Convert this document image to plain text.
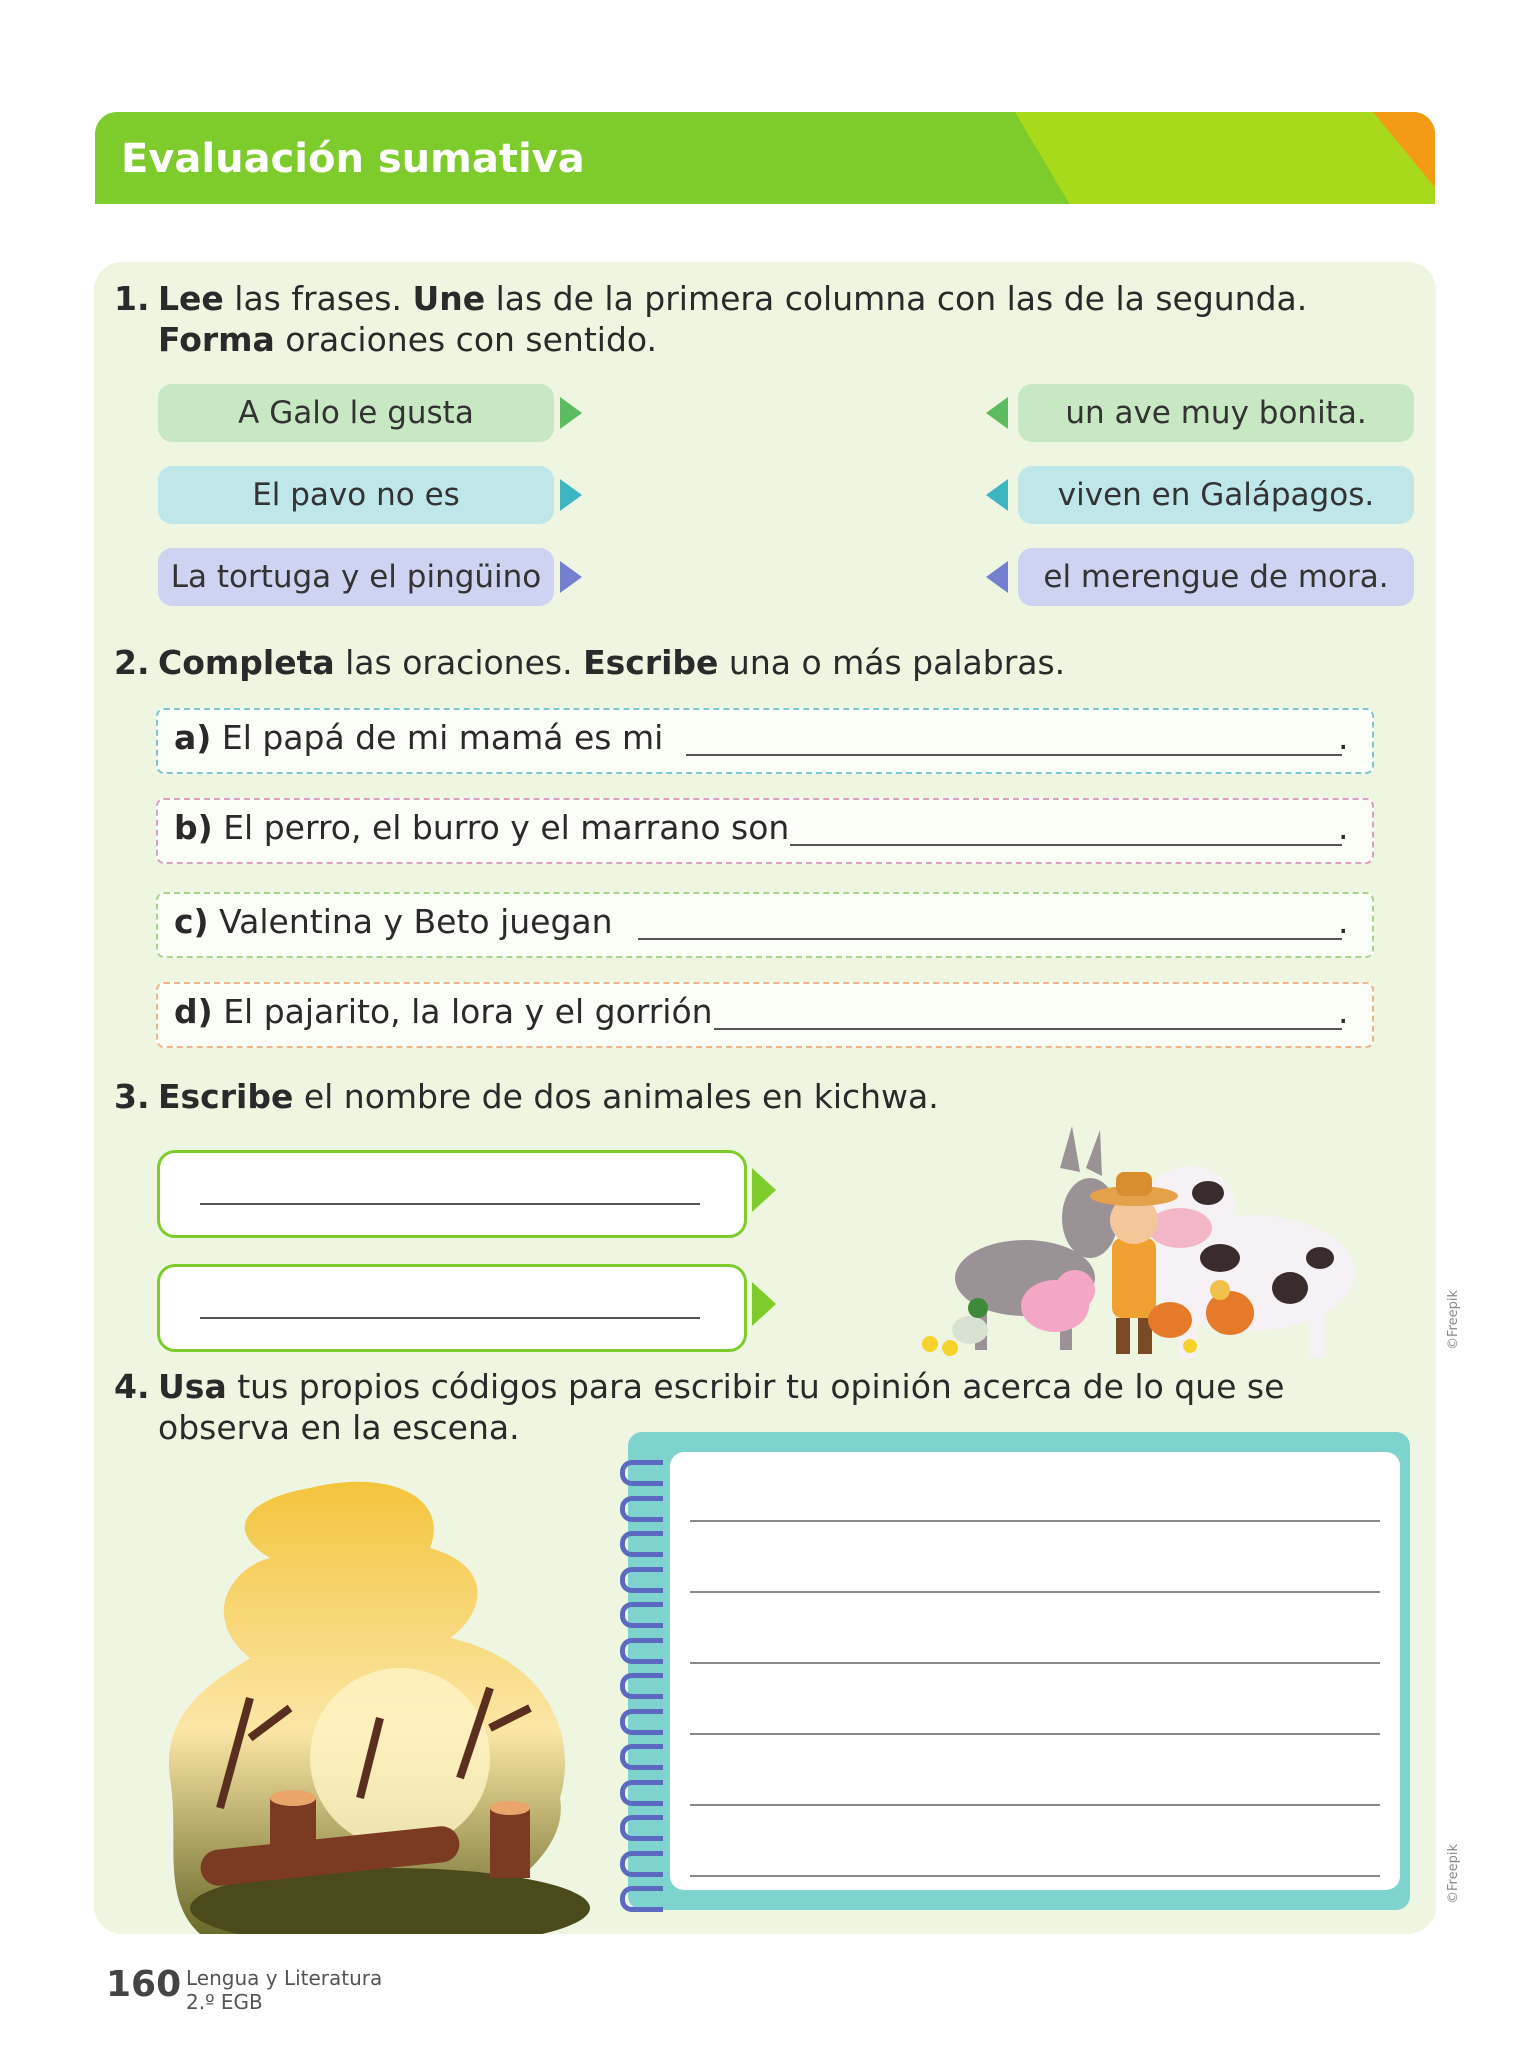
Evaluación sumativa
DUA
Acción y expresión
1. Lee las frases. Une las de la primera columna con las de la segunda. Forma oraciones con sentido.
A Galo le gusta	un ave muy bonita.
El pavo no es	viven en Galápagos.
La tortuga y el pingüino	el merengue de mora.
2. Completa las oraciones. Escribe una o más palabras.
a) El papá de mi mamá es mi	.
b) El perro, el burro y el marrano son	.
c) Valentina y Beto juegan	.
d) El pajarito, la lora y el gorrión	.
3. Escribe el nombre de dos animales en kichwa.
©Freepik
4. Usa tus propios códigos para escribir tu opinión acerca de lo que se observa en la escena.
©Freepik
160 Lengua y Literatura
2.º EGB
